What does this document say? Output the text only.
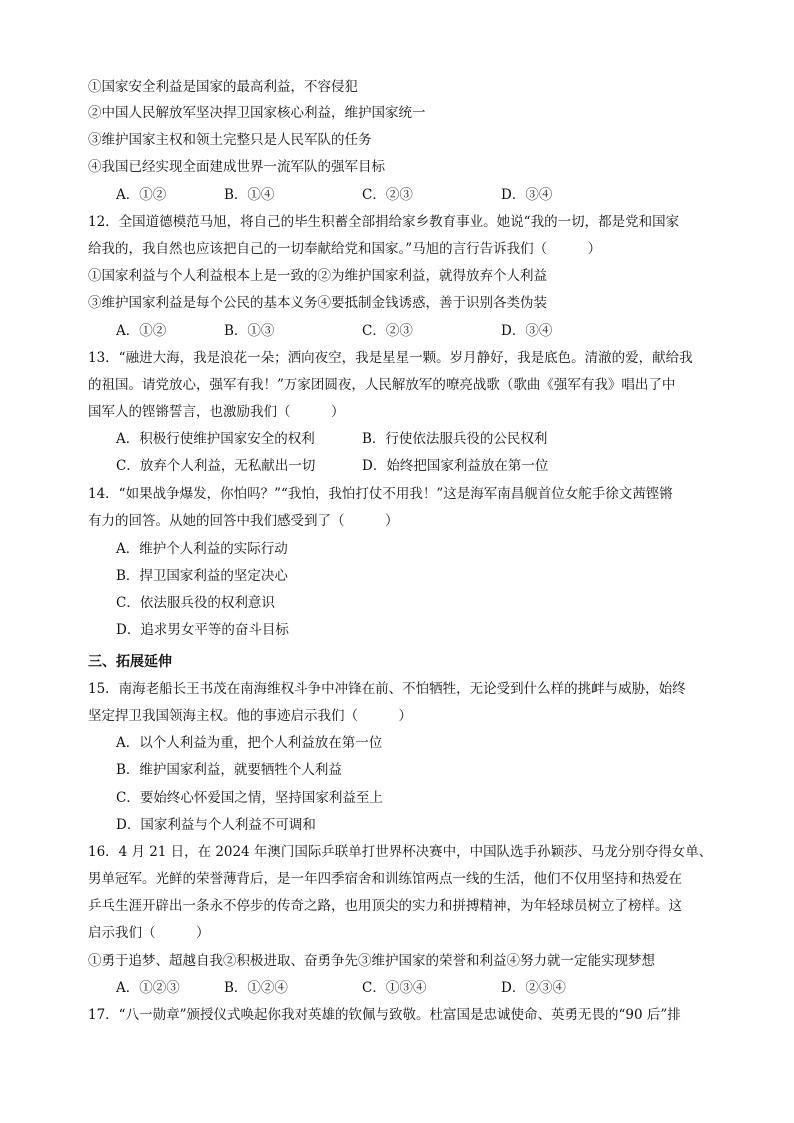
①国家安全利益是国家的最高利益，不容侵犯
②中国人民解放军坚决捍卫国家核心利益，维护国家统一
③维护国家主权和领土完整只是人民军队的任务
④我国已经实现全面建成世界一流军队的强军目标
A．①②	B．①④	C．②③	D．③④
12．全国道德模范马旭，将自己的毕生积蓄全部捐给家乡教育事业。她说“我的一切，都是党和国家
给我的，我自然也应该把自己的一切奉献给党和国家。”马旭的言行告诉我们（　　　）
①国家利益与个人利益根本上是一致的②为维护国家利益，就得放弃个人利益
③维护国家利益是每个公民的基本义务④要抵制金钱诱惑，善于识别各类伪装
A．①②	B．①③	C．②③	D．③④
13．“融进大海，我是浪花一朵；洒向夜空，我是星星一颗。岁月静好，我是底色。清澈的爱，献给我
的祖国。请党放心，强军有我！”万家团圆夜，人民解放军的嘹亮战歌（歌曲《强军有我》唱出了中
国军人的铿锵誓言，也激励我们（　　　）
A．积极行使维护国家安全的权利	B．行使依法服兵役的公民权利
C．放弃个人利益，无私献出一切	D．始终把国家利益放在第一位
14．“如果战争爆发，你怕吗？”“我怕，我怕打仗不用我！”这是海军南昌舰首位女舵手徐文茜铿锵
有力的回答。从她的回答中我们感受到了（　　　）
A．维护个人利益的实际行动
B．捍卫国家利益的坚定决心
C．依法服兵役的权利意识
D．追求男女平等的奋斗目标
三、拓展延伸
15．南海老船长王书茂在南海维权斗争中冲锋在前、不怕牺牲，无论受到什么样的挑衅与威胁，始终
坚定捍卫我国领海主权。他的事迹启示我们（　　　）
A．以个人利益为重，把个人利益放在第一位
B．维护国家利益，就要牺牲个人利益
C．要始终心怀爱国之情，坚持国家利益至上
D．国家利益与个人利益不可调和
16．4 月 21 日，在 2024 年澳门国际乒联单打世界杯决赛中，中国队选手孙颖莎、马龙分别夺得女单、
男单冠军。光鲜的荣誉薄背后，是一年四季宿舍和训练馆两点一线的生活，他们不仅用坚持和热爱在
乒乓生涯开辟出一条永不停步的传奇之路，也用顶尖的实力和拼搏精神，为年轻球员树立了榜样。这
启示我们（　　　）
①勇于追梦、超越自我②积极进取、奋勇争先③维护国家的荣誉和利益④努力就一定能实现梦想
A．①②③	B．①②④	C．①③④	D．②③④
17．“八一勋章”颁授仪式唤起你我对英雄的钦佩与致敬。杜富国是忠诚使命、英勇无畏的“90 后”排
